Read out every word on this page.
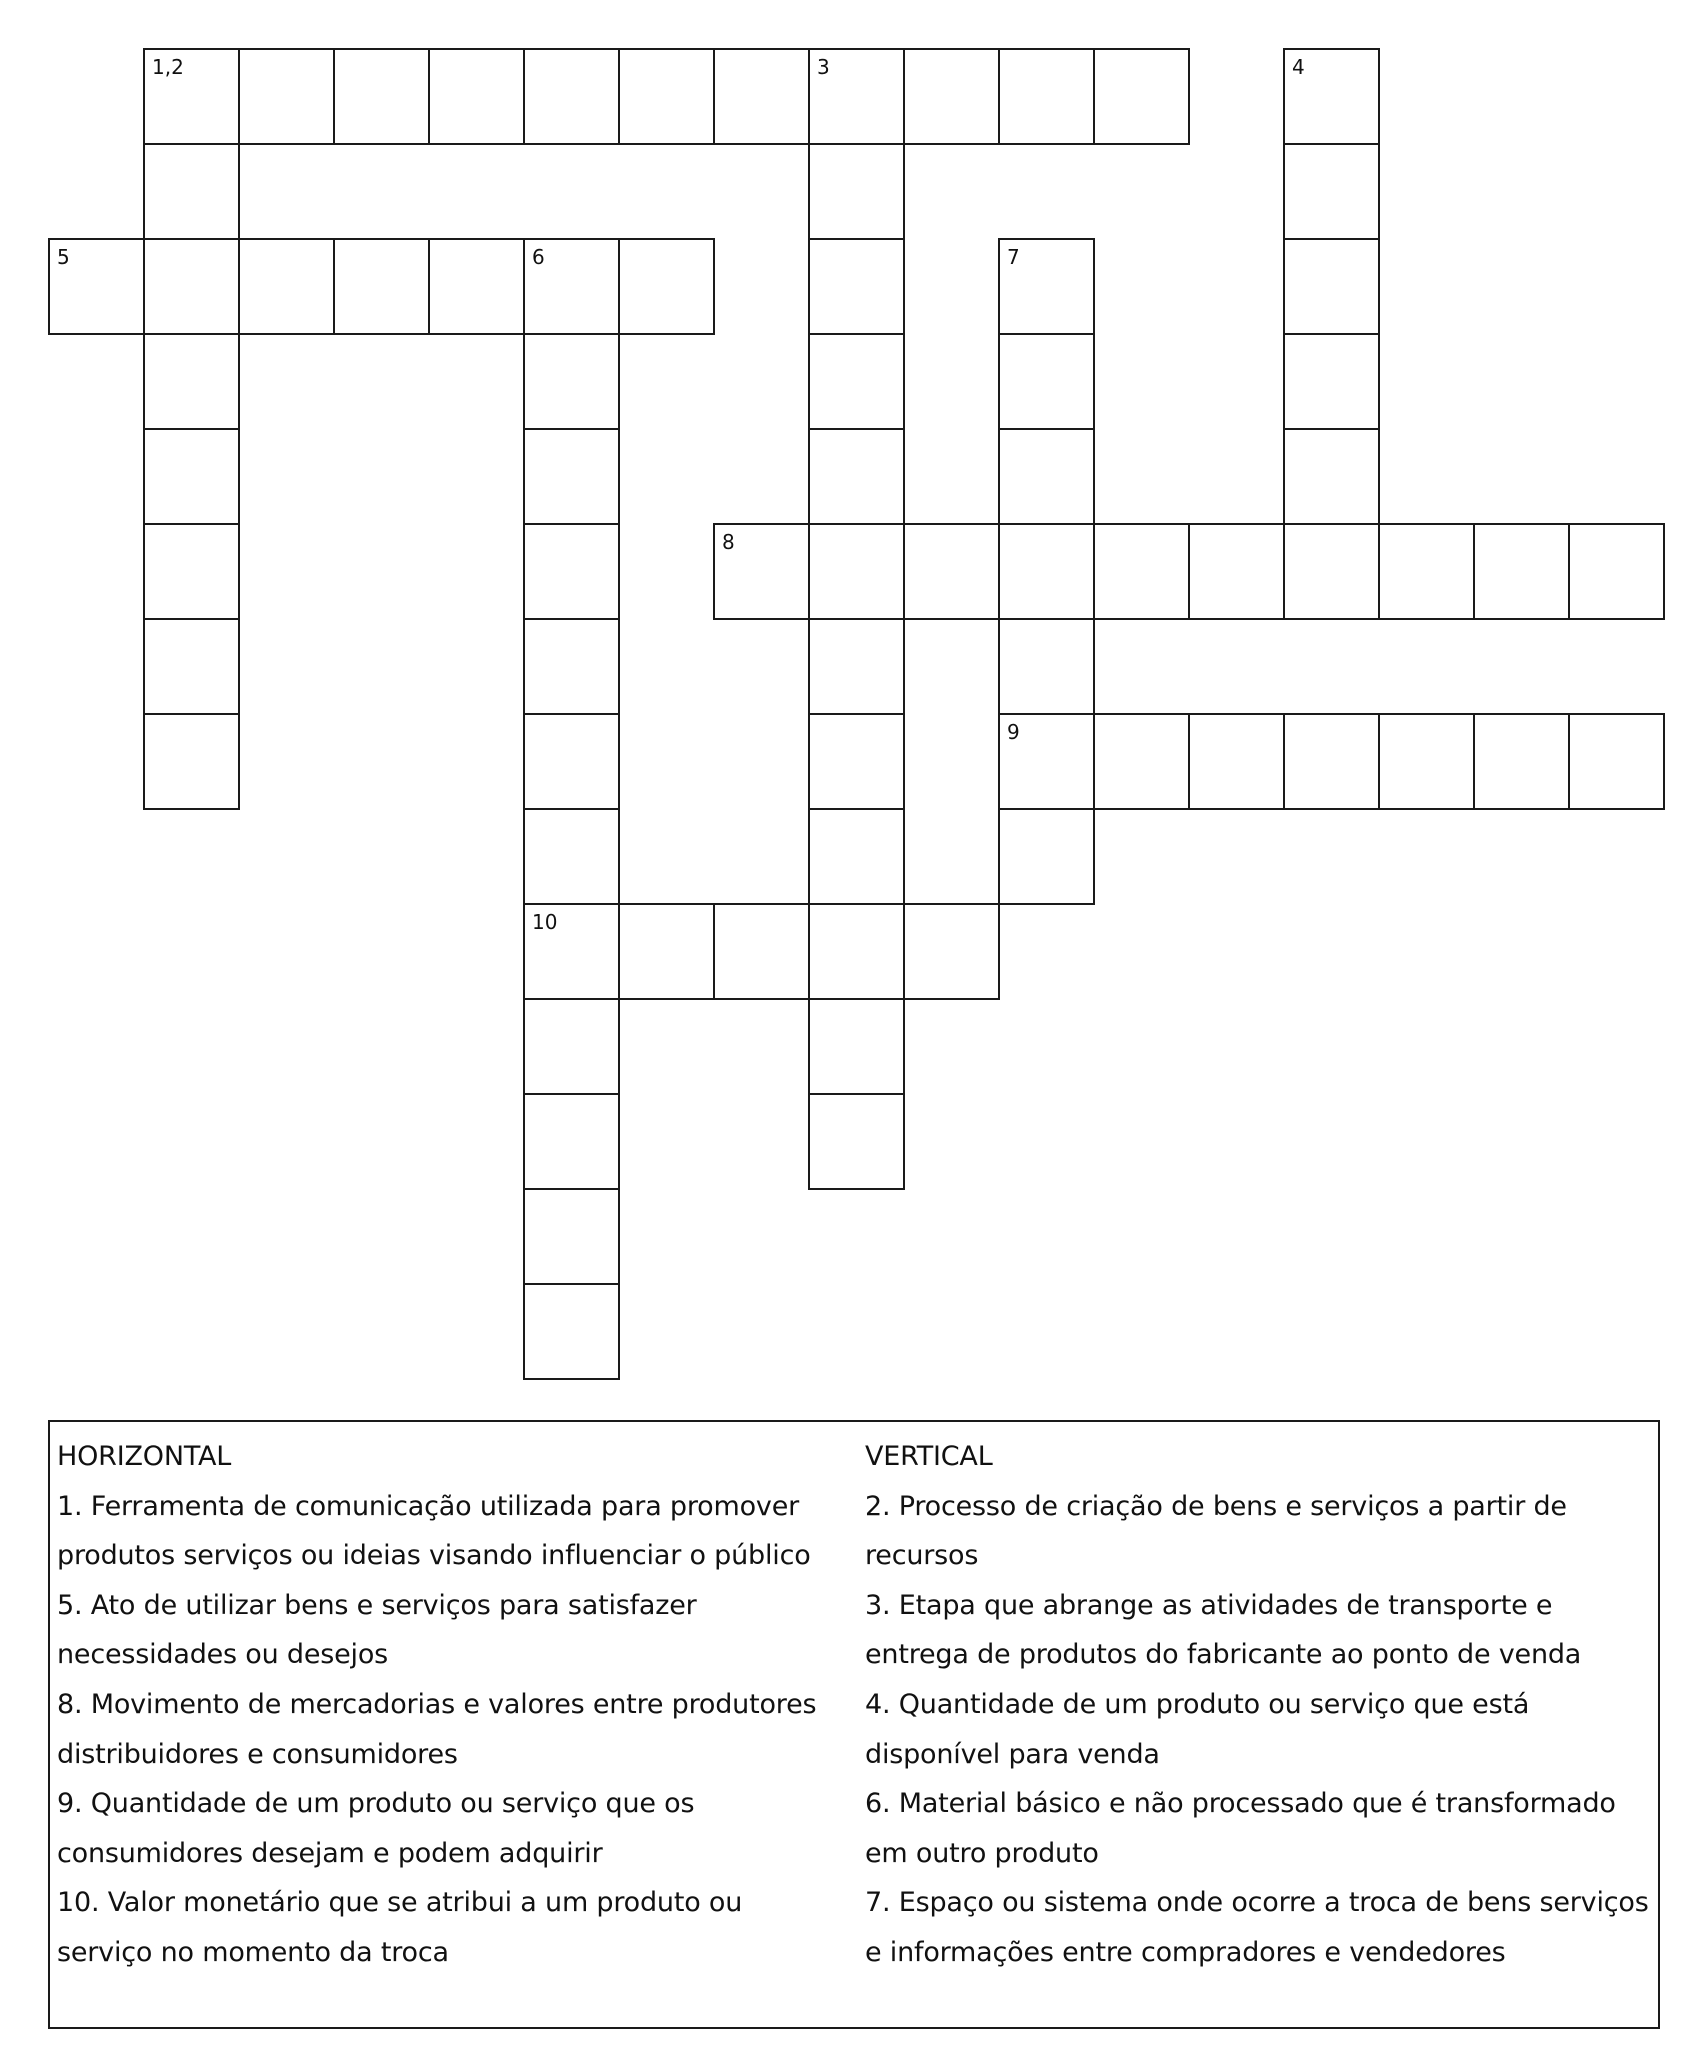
1,2	3	4
5	6
10
7
9
8
HORIZONTAL

1. Ferramenta de comunicação utilizada para promover

produtos serviços ou ideias visando influenciar o público

5. Ato de utilizar bens e serviços para satisfazer

necessidades ou desejos

8. Movimento de mercadorias e valores entre produtores

distribuidores e consumidores

9. Quantidade de um produto ou serviço que os

consumidores desejam e podem adquirir

10. Valor monetário que se atribui a um produto ou

serviço no momento da troca

VERTICAL

2. Processo de criação de bens e serviços a partir de

recursos

3. Etapa que abrange as atividades de transporte e

entrega de produtos do fabricante ao ponto de venda

4. Quantidade de um produto ou serviço que está

disponível para venda

6. Material básico e não processado que é transformado

em outro produto

7. Espaço ou sistema onde ocorre a troca de bens serviços

e informações entre compradores e vendedores
